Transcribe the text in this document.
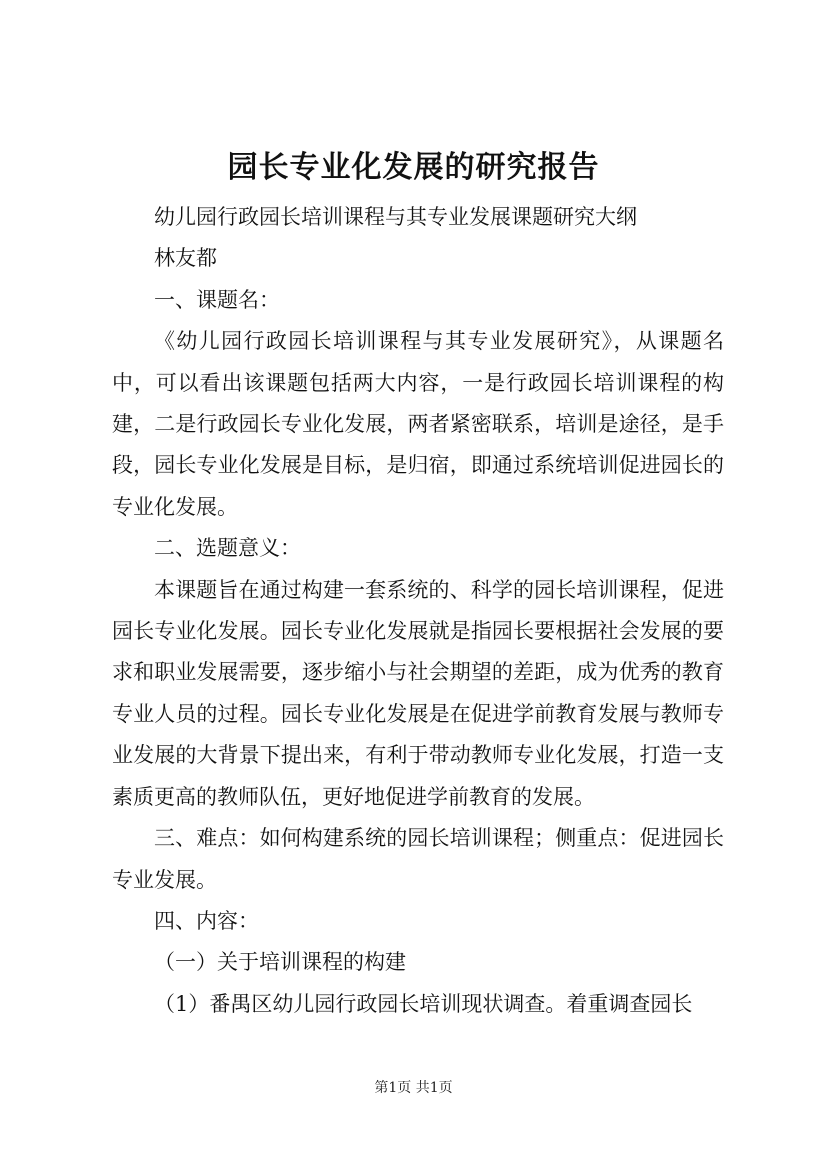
园长专业化发展的研究报告

幼儿园行政园长培训课程与其专业发展课题研究大纲

林友都

一、课题名：

《幼儿园行政园长培训课程与其专业发展研究》，从课题名中，可以看出该课题包括两大内容，一是行政园长培训课程的构建，二是行政园长专业化发展，两者紧密联系，培训是途径，是手段，园长专业化发展是目标，是归宿，即通过系统培训促进园长的专业化发展。

二、选题意义：

本课题旨在通过构建一套系统的、科学的园长培训课程，促进园长专业化发展。园长专业化发展就是指园长要根据社会发展的要求和职业发展需要，逐步缩小与社会期望的差距，成为优秀的教育专业人员的过程。园长专业化发展是在促进学前教育发展与教师专业发展的大背景下提出来，有利于带动教师专业化发展，打造一支素质更高的教师队伍，更好地促进学前教育的发展。

三、难点：如何构建系统的园长培训课程；侧重点：促进园长专业发展。

四、内容：

（一）关于培训课程的构建

（1）番禺区幼儿园行政园长培训现状调查。着重调查园长

第1页 共1页
